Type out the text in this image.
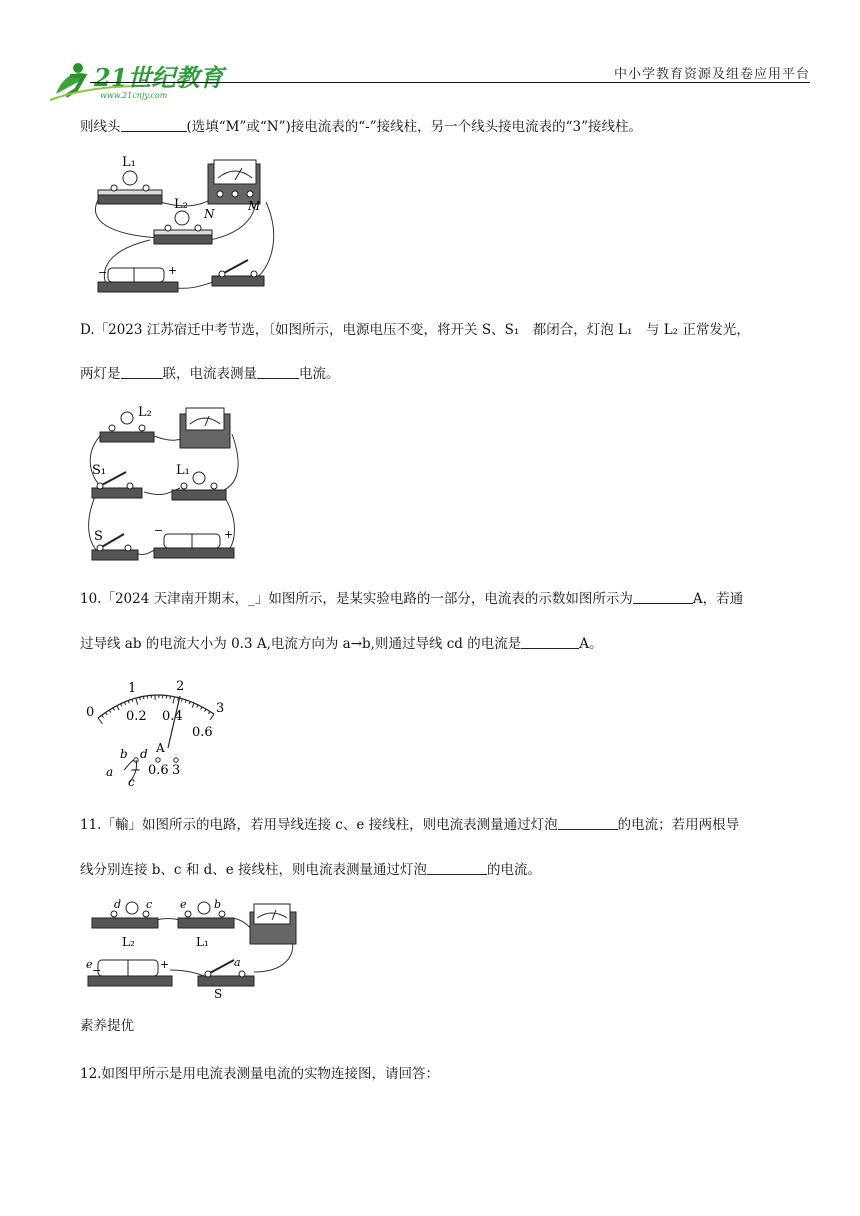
21世纪教育
www.21cnjy.com
中小学教育资源及组卷应用平台
则线头	(选填“M”或“N”)接电流表的“-”接线柱，另一个线头接电流表的“3”接线柱。
L₁
L₂
N
M
−	+
D.「2023 江苏宿迁中考节选，〔如图所示，电源电压不变，将开关 S、S₁　都闭合，灯泡 L₁　与 L₂ 正常发光，
两灯是	联，电流表测量	电流。
L₂
S₁	L₁
S	−	+
10.「2024 天津南开期末，_」如图所示，是某实验电路的一部分，电流表的示数如图所示为	A，若通
过导线 ab 的电流大小为 0.3 A,电流方向为 a→b,则通过导线 cd 的电流是	A。
0
1	2
3
0.2 0.4
0.6
A
− 0.6 3
b d
a
c
11.「輸」如图所示的电路，若用导线连接 c、e 接线柱，则电流表测量通过灯泡	的电流；若用两根导
线分别连接 b、c 和 d、e 接线柱，则电流表测量通过灯泡	的电流。
d c
L₂
e b
L₁
e −	+	a
S
素养提优
12.如图甲所示是用电流表测量电流的实物连接图，请回答：
